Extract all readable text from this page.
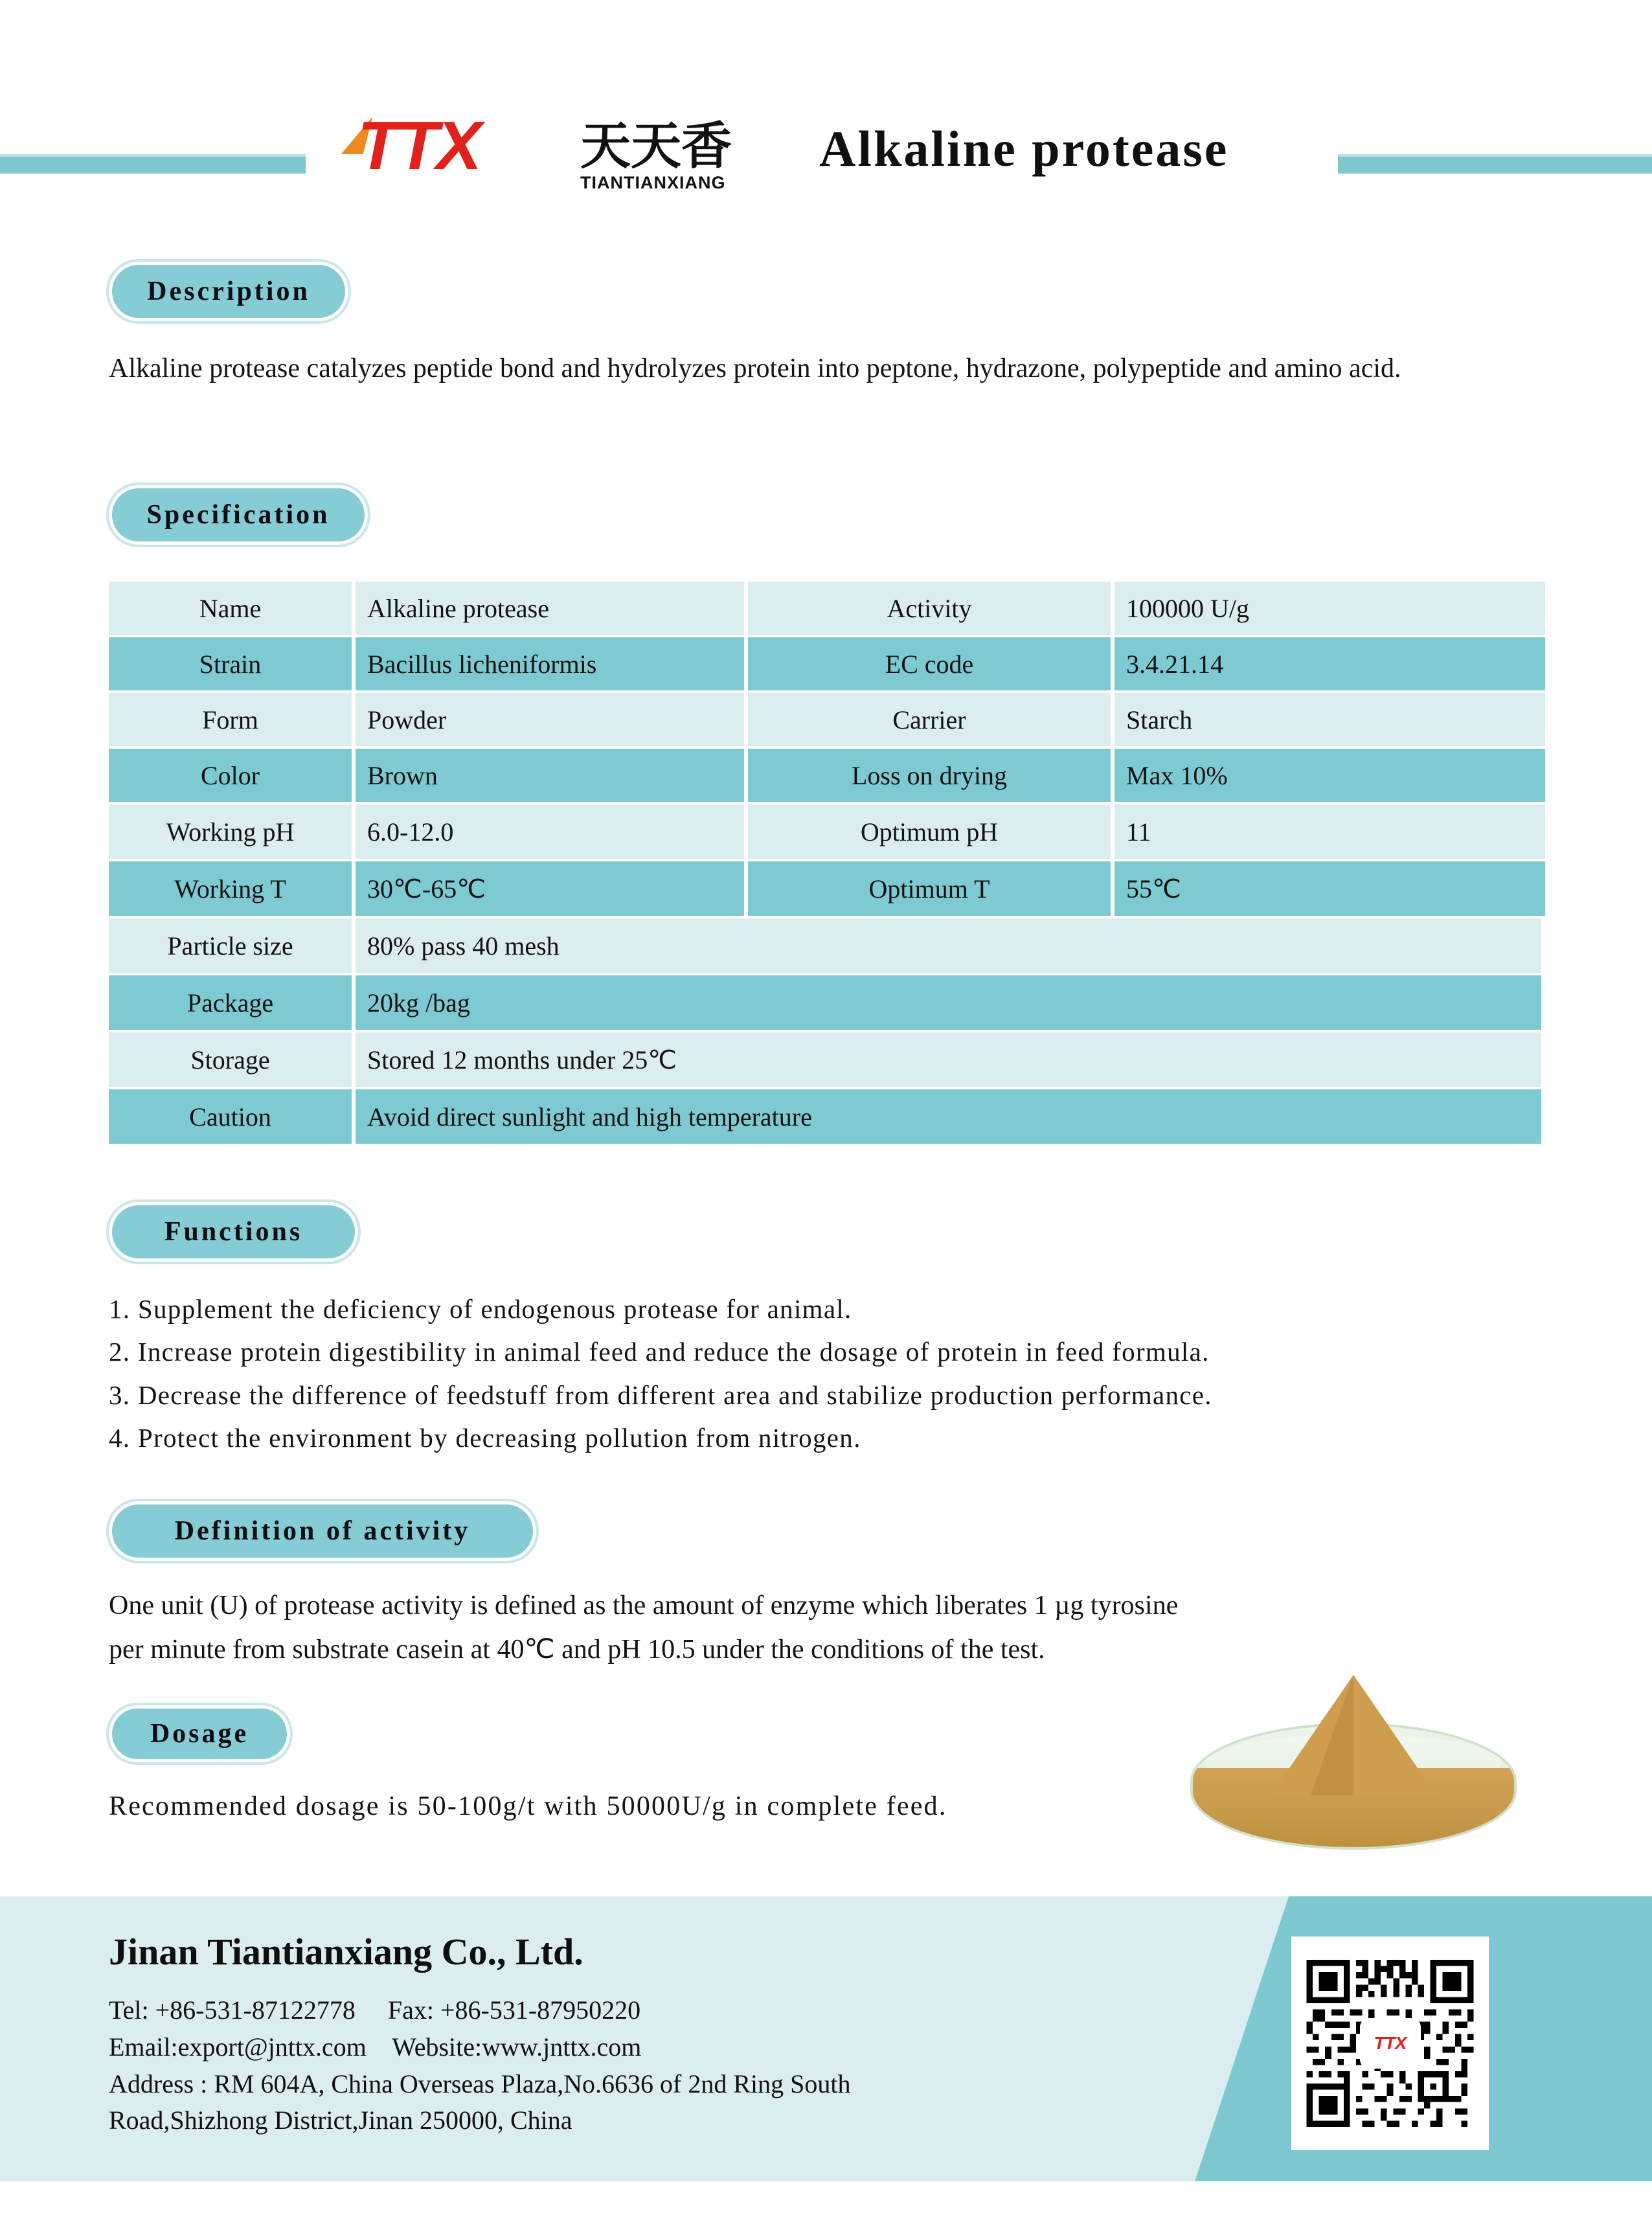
TTX 天天香
TIANTIANXIANG
Alkaline protease
Description
Alkaline protease catalyzes peptide bond and hydrolyzes protein into peptone, hydrazone, polypeptide and amino acid.
Specification
Name	Alkaline protease	Activity	100000 U/g
Strain	Bacillus licheniformis	EC code	3.4.21.14
Form	Powder	Carrier	Starch
Color	Brown	Loss on drying	Max 10%
Working pH	6.0-12.0	Optimum pH	11
Working T	30℃-65℃	Optimum T	55℃
Particle size	80% pass 40 mesh
Package	20kg /bag
Storage	Stored 12 months under 25℃
Caution	Avoid direct sunlight and high temperature
Functions
1. Supplement the deficiency of endogenous protease for animal.
2. Increase protein digestibility in animal feed and reduce the dosage of protein in feed formula.
3. Decrease the difference of feedstuff from different area and stabilize production performance.
4. Protect the environment by decreasing pollution from nitrogen.
Definition of activity
One unit (U) of protease activity is defined as the amount of enzyme which liberates 1 µg tyrosine
per minute from substrate casein at 40℃ and pH 10.5 under the conditions of the test.
Dosage
Recommended dosage is 50-100g/t with 50000U/g in complete feed.
Jinan Tiantianxiang Co., Ltd.
Tel: +86-531-87122778 Fax: +86-531-87950220
Email:export@jnttx.com Website:www.jnttx.com
Address : RM 604A, China Overseas Plaza,No.6636 of 2nd Ring South
Road,Shizhong District,Jinan 250000, China
TTX
